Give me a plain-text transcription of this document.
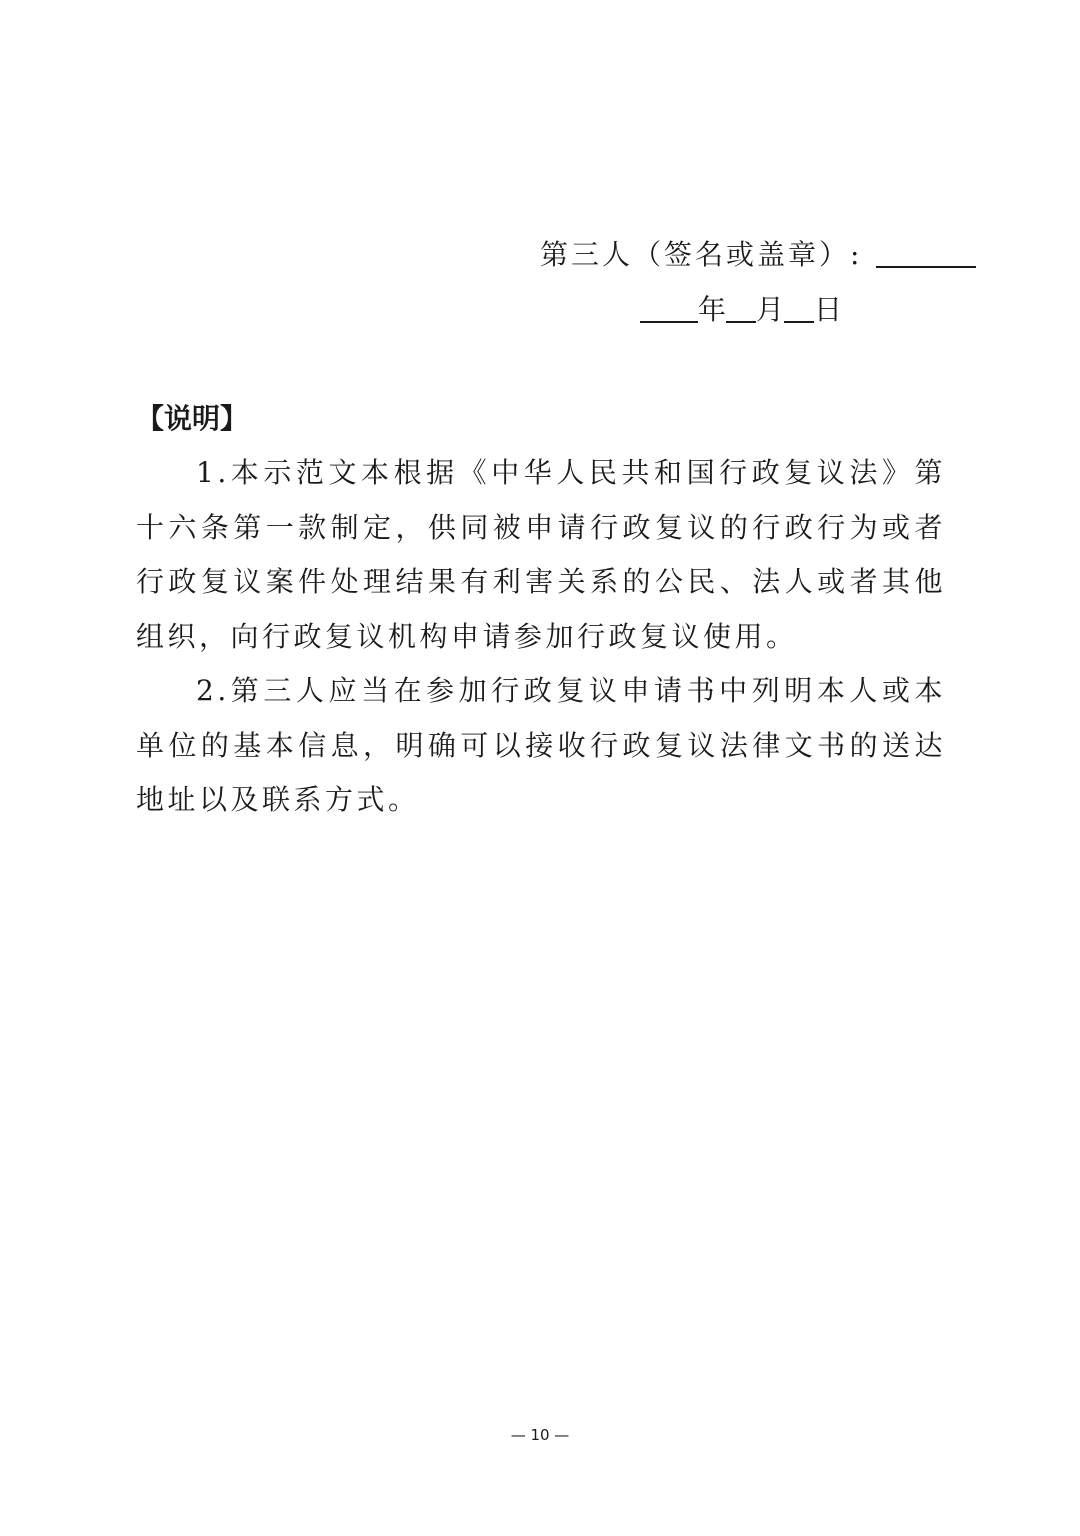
第三人（签名或盖章）:
年 月 日
【说明】

1.本示范文本根据《中华人民共和国行政复议法》第十六条第一款制定，供同被申请行政复议的行政行为或者行政复议案件处理结果有利害关系的公民、法人或者其他组织，向行政复议机构申请参加行政复议使用。

2.第三人应当在参加行政复议申请书中列明本人或本单位的基本信息，明确可以接收行政复议法律文书的送达地址以及联系方式。

— 10 —
